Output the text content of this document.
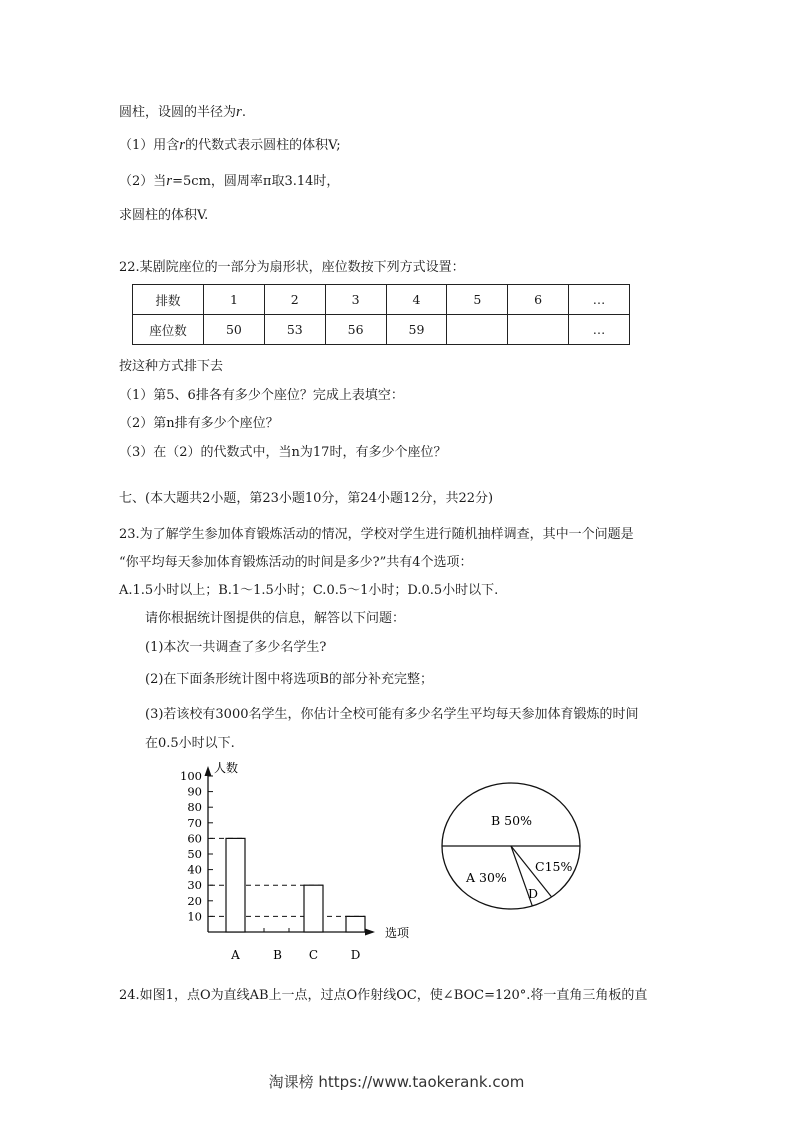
圆柱，设圆的半径为r.
（1）用含r的代数式表示圆柱的体积V;
（2）当r=5cm，圆周率π取3.14时，
求圆柱的体积V.
22.某剧院座位的一部分为扇形状，座位数按下列方式设置：
排数	1	2	3	4	5	6	…
座位数	50	53	56	59			…
按这种方式排下去
（1）第5、6排各有多少个座位？完成上表填空：
（2）第n排有多少个座位？
（3）在（2）的代数式中，当n为17时，有多少个座位？
七、(本大题共2小题，第23小题10分，第24小题12分，共22分)
23.为了解学生参加体育锻炼活动的情况，学校对学生进行随机抽样调查，其中一个问题是
“你平均每天参加体育锻炼活动的时间是多少?”共有4个选项：
A.1.5小时以上；B.1～1.5小时；C.0.5～1小时；D.0.5小时以下.
请你根据统计图提供的信息，解答以下问题：
(1)本次一共调查了多少名学生?
(2)在下面条形统计图中将选项B的部分补充完整；
(3)若该校有3000名学生，你估计全校可能有多少名学生平均每天参加体育锻炼的时间
在0.5小时以下.
10
20
30
40
50
60
70
80
90
100
A	B C	D
人数
选项
B 50%
A 30%
C15%
D
24.如图1，点O为直线AB上一点，过点O作射线OC，使∠BOC=120°.将一直角三角板的直
淘课榜 https://www.taokerank.com
